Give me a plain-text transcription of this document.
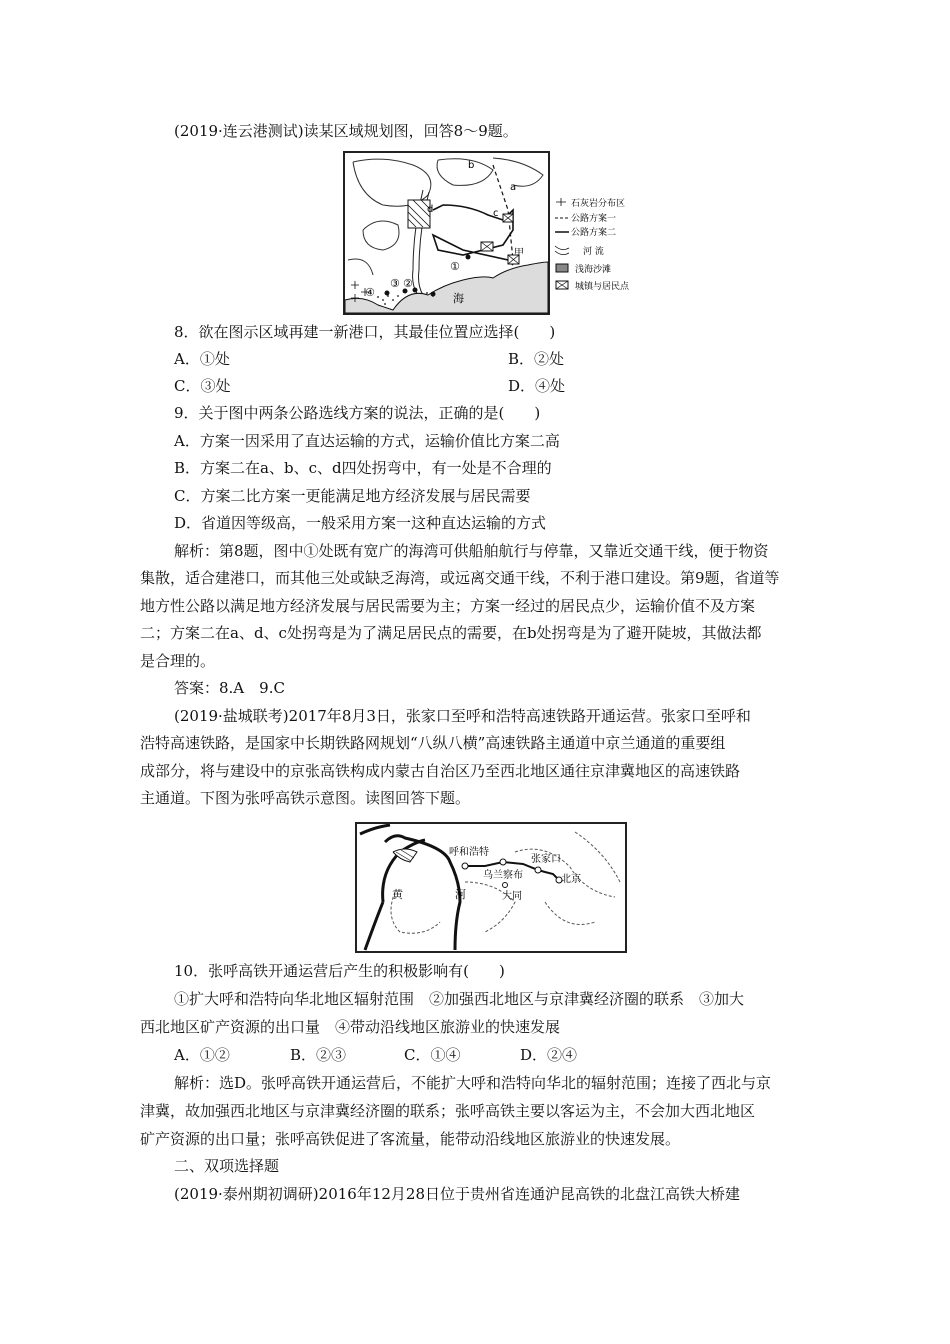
(2019·连云港测试)读某区域规划图，回答8～9题。
b
a
c
d
甲
海
①
②
③
④
石灰岩分布区
公路方案一
公路方案二
河 流
浅海沙滩
城镇与居民点
8．欲在图示区域再建一新港口，其最佳位置应选择(　　)
A．①处	B．②处
C．③处	D．④处
9．关于图中两条公路选线方案的说法，正确的是(　　)
A．方案一因采用了直达运输的方式，运输价值比方案二高
B．方案二在a、b、c、d四处拐弯中，有一处是不合理的
C．方案二比方案一更能满足地方经济发展与居民需要
D．省道因等级高，一般采用方案一这种直达运输的方式
解析：第8题，图中①处既有宽广的海湾可供船舶航行与停靠，又靠近交通干线，便于物资
集散，适合建港口，而其他三处或缺乏海湾，或远离交通干线，不利于港口建设。第9题，省道等
地方性公路以满足地方经济发展与居民需要为主；方案一经过的居民点少，运输价值不及方案
二；方案二在a、d、c处拐弯是为了满足居民点的需要，在b处拐弯是为了避开陡坡，其做法都
是合理的。
答案：8.A　9.C
(2019·盐城联考)2017年8月3日，张家口至呼和浩特高速铁路开通运营。张家口至呼和
浩特高速铁路，是国家中长期铁路网规划“八纵八横”高速铁路主通道中京兰通道的重要组
成部分，将与建设中的京张高铁构成内蒙古自治区乃至西北地区通往京津冀地区的高速铁路
主通道。下图为张呼高铁示意图。读图回答下题。
呼和浩特
乌兰察布
张家口
北京
大同
黄	河
10．张呼高铁开通运营后产生的积极影响有(　　)
①扩大呼和浩特向华北地区辐射范围　②加强西北地区与京津冀经济圈的联系　③加大
西北地区矿产资源的出口量　④带动沿线地区旅游业的快速发展
A．①②	B．②③	C．①④	D．②④
解析：选D。张呼高铁开通运营后，不能扩大呼和浩特向华北的辐射范围；连接了西北与京
津冀，故加强西北地区与京津冀经济圈的联系；张呼高铁主要以客运为主，不会加大西北地区
矿产资源的出口量；张呼高铁促进了客流量，能带动沿线地区旅游业的快速发展。
二、双项选择题
(2019·泰州期初调研)2016年12月28日位于贵州省连通沪昆高铁的北盘江高铁大桥建
